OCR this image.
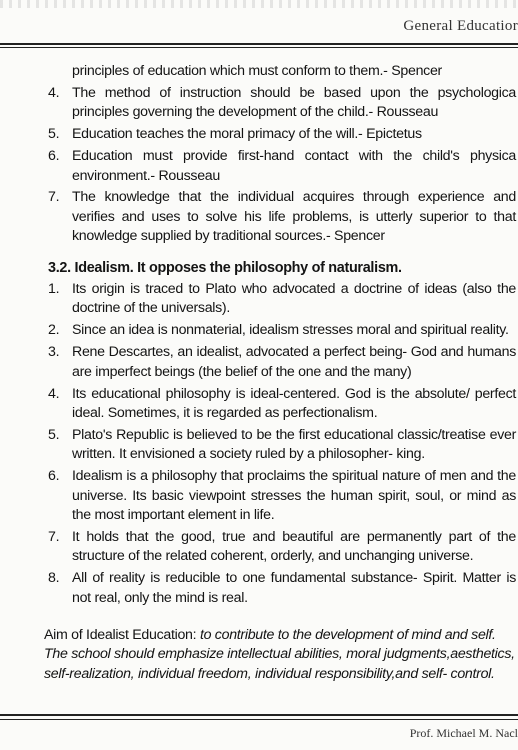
General Educatior
principles of education which must conform to them.- Spencer
4. The method of instruction should be based upon the psychologica principles governing the development of the child.- Rousseau
5. Education teaches the moral primacy of the will.- Epictetus
6. Education must provide first-hand contact with the child's physica environment.- Rousseau
7. The knowledge that the individual acquires through experience and verifies and uses to solve his life problems, is utterly superior to that knowledge supplied by traditional sources.- Spencer
3.2. Idealism. It opposes the philosophy of naturalism.
1. Its origin is traced to Plato who advocated a doctrine of ideas (also the doctrine of the universals).
2. Since an idea is nonmaterial, idealism stresses moral and spiritual reality.
3. Rene Descartes, an idealist, advocated a perfect being- God and humans are imperfect beings (the belief of the one and the many)
4. Its educational philosophy is ideal-centered. God is the absolute/ perfect ideal. Sometimes, it is regarded as perfectionalism.
5. Plato's Republic is believed to be the first educational classic/treatise ever written. It envisioned a society ruled by a philosopher- king.
6. Idealism is a philosophy that proclaims the spiritual nature of men and the universe. Its basic viewpoint stresses the human spirit, soul, or mind as the most important element in life.
7. It holds that the good, true and beautiful are permanently part of the structure of the related coherent, orderly, and unchanging universe.
8. All of reality is reducible to one fundamental substance- Spirit. Matter is not real, only the mind is real.
Aim of Idealist Education: to contribute to the development of mind and self. The school should emphasize intellectual abilities, moral judgments,aesthetics, self-realization, individual freedom, individual responsibility,and self- control.
Prof. Michael M. Nacl
